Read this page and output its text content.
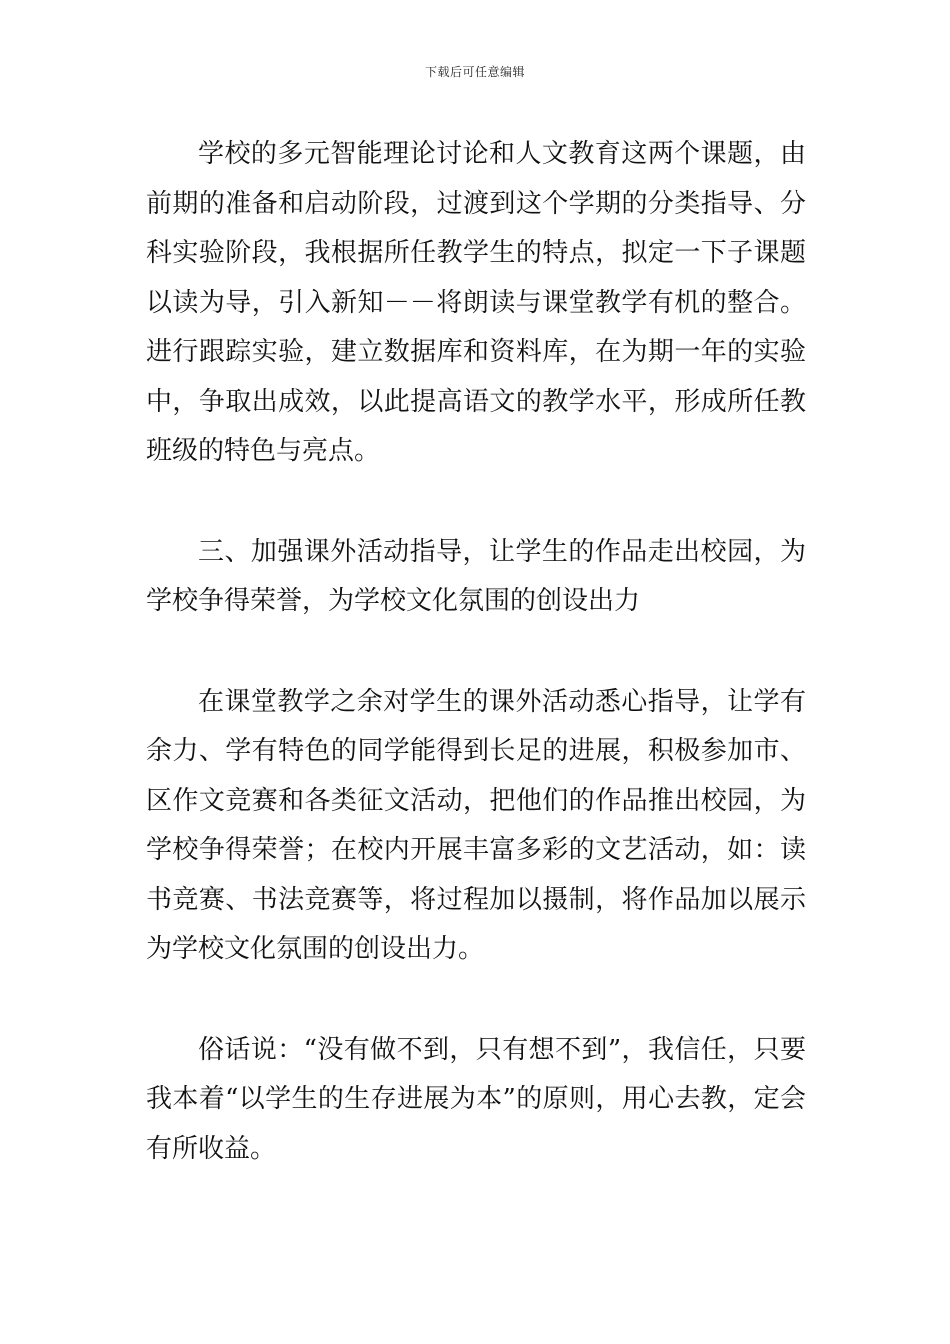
下载后可任意编辑

学校的多元智能理论讨论和人文教育这两个课题，由前期的准备和启动阶段，过渡到这个学期的分类指导、分科实验阶段，我根据所任教学生的特点，拟定一下子课题以读为导，引入新知－－将朗读与课堂教学有机的整合。进行跟踪实验，建立数据库和资料库，在为期一年的实验中，争取出成效，以此提高语文的教学水平，形成所任教班级的特色与亮点。

三、加强课外活动指导，让学生的作品走出校园，为学校争得荣誉，为学校文化氛围的创设出力

在课堂教学之余对学生的课外活动悉心指导，让学有余力、学有特色的同学能得到长足的进展，积极参加市、区作文竞赛和各类征文活动，把他们的作品推出校园，为学校争得荣誉；在校内开展丰富多彩的文艺活动，如：读书竞赛、书法竞赛等，将过程加以摄制，将作品加以展示为学校文化氛围的创设出力。

俗话说：“没有做不到，只有想不到”，我信任，只要我本着“以学生的生存进展为本”的原则，用心去教，定会有所收益。
